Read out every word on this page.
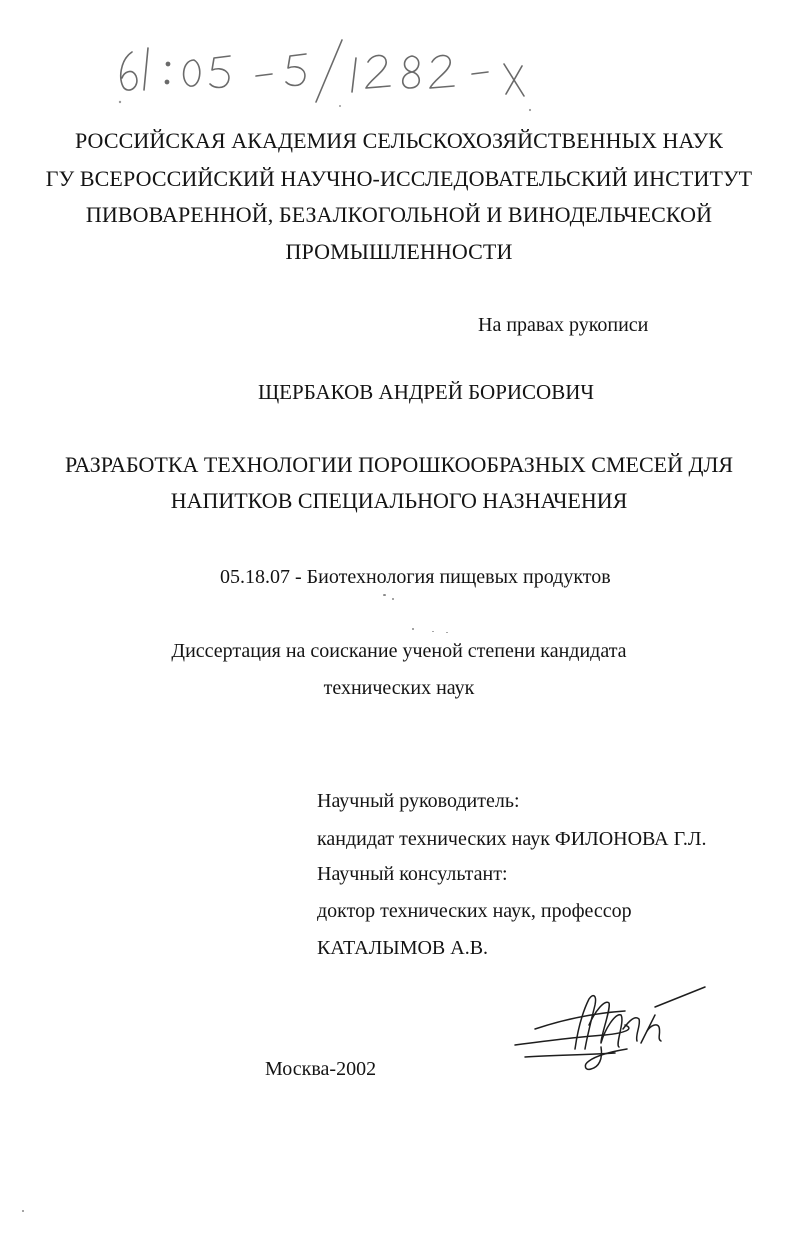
РОССИЙСКАЯ АКАДЕМИЯ СЕЛЬСКОХОЗЯЙСТВЕННЫХ НАУК
ГУ ВСЕРОССИЙСКИЙ НАУЧНО-ИССЛЕДОВАТЕЛЬСКИЙ ИНСТИТУТ
ПИВОВАРЕННОЙ, БЕЗАЛКОГОЛЬНОЙ И ВИНОДЕЛЬЧЕСКОЙ
ПРОМЫШЛЕННОСТИ
На правах рукописи
ЩЕРБАКОВ АНДРЕЙ БОРИСОВИЧ
РАЗРАБОТКА ТЕХНОЛОГИИ ПОРОШКООБРАЗНЫХ СМЕСЕЙ ДЛЯ
НАПИТКОВ СПЕЦИАЛЬНОГО НАЗНАЧЕНИЯ
05.18.07 - Биотехнология пищевых продуктов
Диссертация на соискание ученой степени кандидата
технических наук
Научный руководитель:
кандидат технических наук ФИЛОНОВА Г.Л.
Научный консультант:
доктор технических наук, профессор
КАТАЛЫМОВ А.В.
Москва-2002
